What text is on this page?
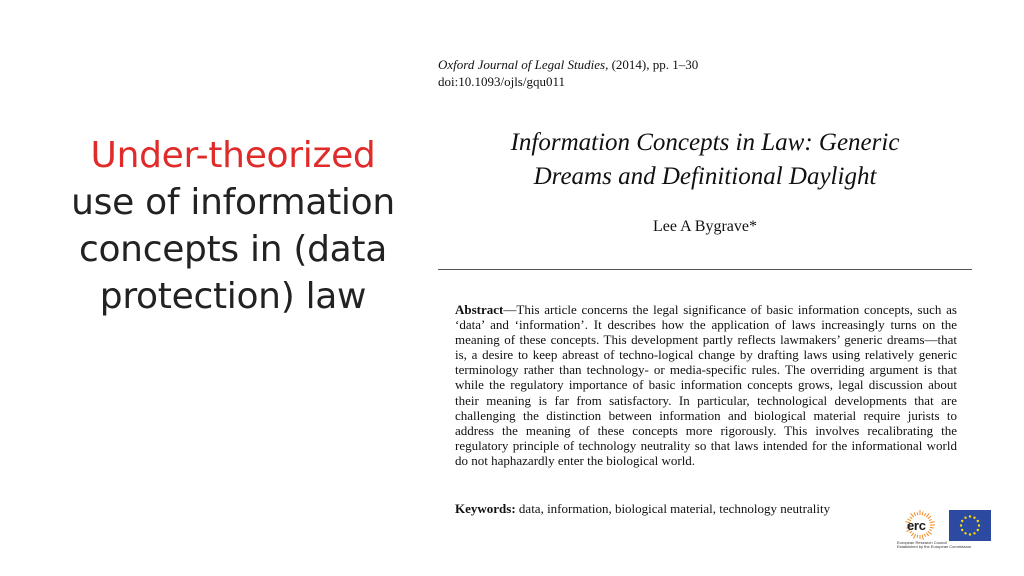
Under-theorized
use of information
concepts in (data
protection) law
Oxford Journal of Legal Studies, (2014), pp. 1–30
doi:10.1093/ojls/gqu011
Information Concepts in Law: Generic
Dreams and Definitional Daylight
Lee A Bygrave*
Abstract—This article concerns the legal significance of basic information concepts, such as ‘data’ and ‘information’. It describes how the application of laws increasingly turns on the meaning of these concepts. This development partly reflects lawmakers’ generic dreams—that is, a desire to keep abreast of techno-logical change by drafting laws using relatively generic terminology rather than technology- or media-specific rules. The overriding argument is that while the regulatory importance of basic information concepts grows, legal discussion about their meaning is far from satisfactory. In particular, technological developments that are challenging the distinction between information and biological material require jurists to address the meaning of these concepts more rigorously. This involves recalibrating the regulatory principle of technology neutrality so that laws intended for the informational world do not haphazardly enter the biological world.
Keywords: data, information, biological material, technology neutrality
erc
European Research Council
Established by the European Commission
